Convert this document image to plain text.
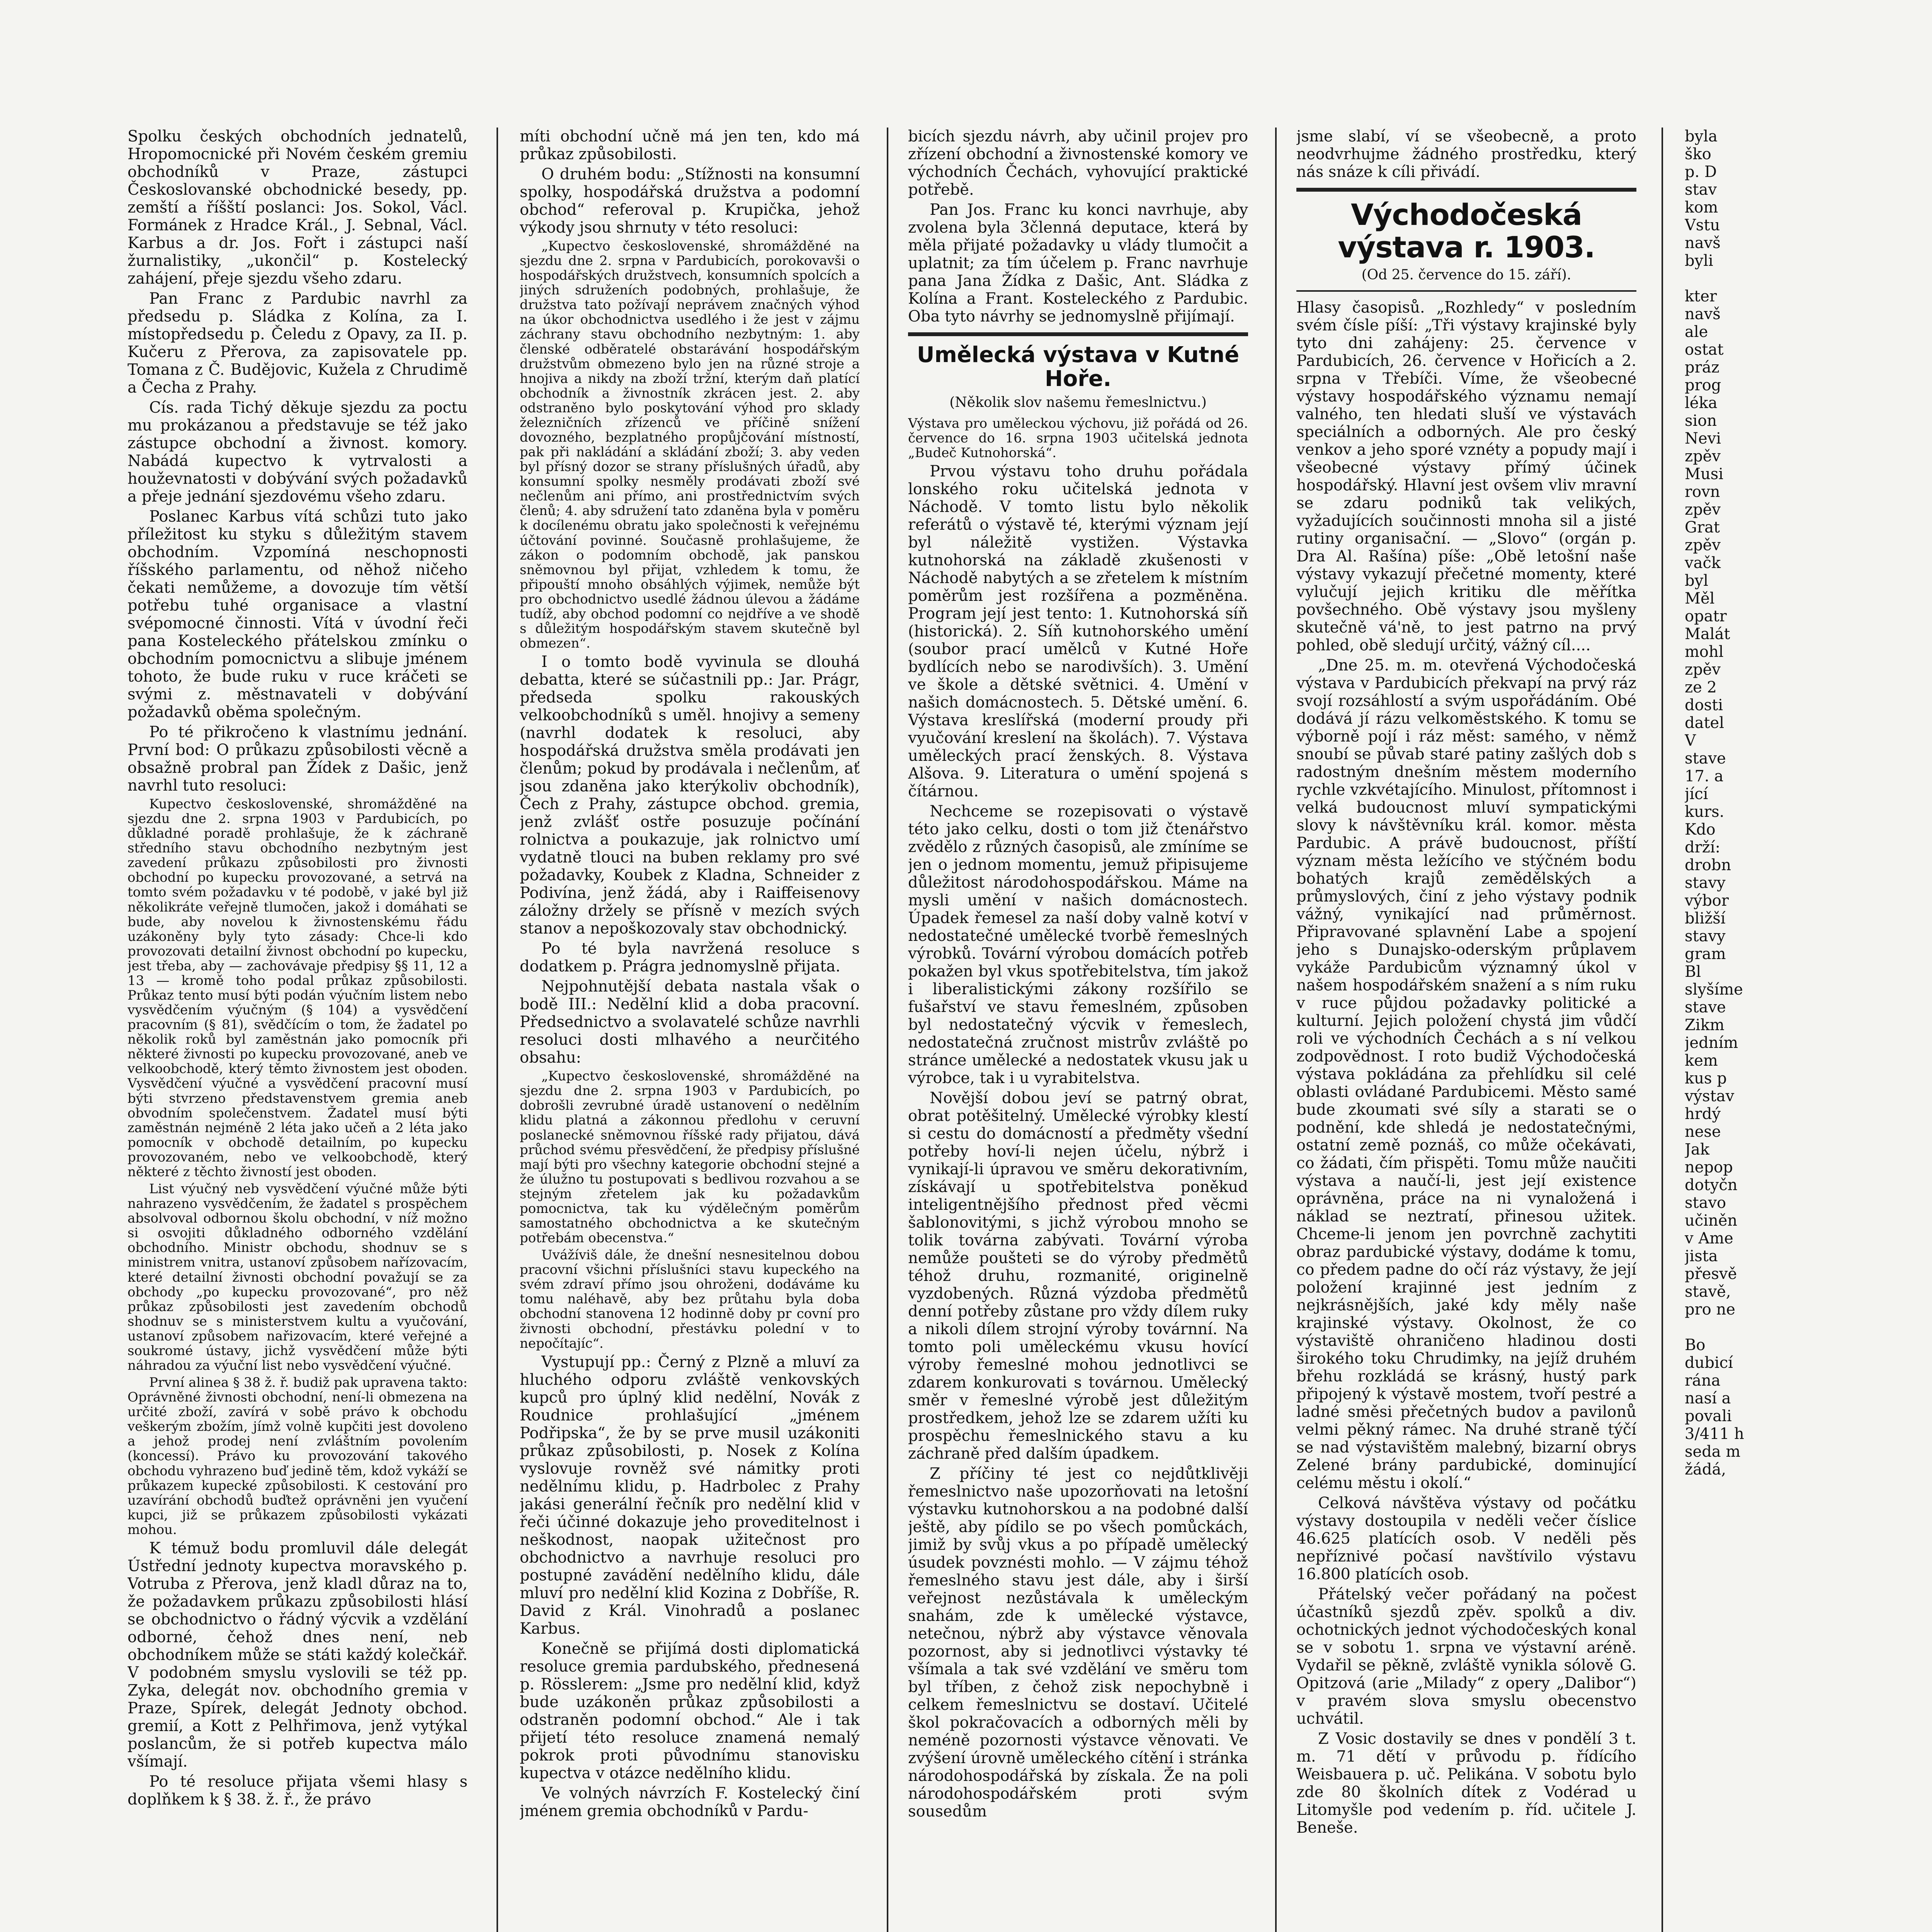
Spolku českých obchodních jednatelů, Hropomocnické při Novém českém gremiu obchodníků v Praze, zástupci Českoslovanské obchodnické besedy, pp. zemští a říšští poslanci: Jos. Sokol, Václ. Formánek z Hradce Král., J. Sebnal, Václ. Karbus a dr. Jos. Fořt i zástupci naší žurnalistiky, „ukončil“ p. Kostelecký zahájení, přeje sjezdu všeho zdaru.

Pan Franc z Pardubic navrhl za předsedu p. Sládka z Kolína, za I. místopředsedu p. Čeledu z Opavy, za II. p. Kučeru z Přerova, za zapisovatele pp. Tomana z Č. Budějovic, Kužela z Chrudimě a Čecha z Prahy.

Cís. rada Tichý děkuje sjezdu za poctu mu prokázanou a představuje se též jako zástupce obchodní a živnost. komory. Nabádá kupectvo k vytrvalosti a houževnatosti v dobývání svých požadavků a přeje jednání sjezdovému všeho zdaru.

Poslanec Karbus vítá schůzi tuto jako příležitost ku styku s důležitým stavem obchodním. Vzpomíná neschopnosti říšského parlamentu, od něhož ničeho čekati nemůžeme, a dovozuje tím větší potřebu tuhé organisace a vlastní svépomocné činnosti. Vítá v úvodní řeči pana Kosteleckého přátelskou zmínku o obchodním pomocnictvu a slibuje jménem tohoto, že bude ruku v ruce kráčeti se svými z. městnavateli v dobývání požadavků oběma společným.

Po té přikročeno k vlastnímu jednání. První bod: O průkazu způsobilosti věcně a obsažně probral pan Žídek z Dašic, jenž navrhl tuto resoluci:

Kupectvo československé, shromážděné na sjezdu dne 2. srpna 1903 v Pardubicích, po důkladné poradě prohlašuje, že k záchraně středního stavu obchodního nezbytným jest zavedení průkazu způsobilosti pro živnosti obchodní po kupecku provozované, a setrvá na tomto svém požadavku v té podobě, v jaké byl již několikráte veřejně tlumočen, jakož i domáhati se bude, aby novelou k živnostenskému řádu uzákoněny byly tyto zásady: Chce-li kdo provozovati detailní živnost obchodní po kupecku, jest třeba, aby — zachovávaje předpisy §§ 11, 12 a 13 — kromě toho podal průkaz způsobilosti. Průkaz tento musí býti podán výučním listem nebo vysvědčením výučným (§ 104) a vysvědčení pracovním (§ 81), svědčícím o tom, že žadatel po několik roků byl zaměstnán jako pomocník při některé živnosti po kupecku provozované, aneb ve velkoobchodě, který těmto živnostem jest oboden. Vysvědčení výučné a vysvědčení pracovní musí býti stvrzeno představenstvem gremia aneb obvodním společenstvem. Žadatel musí býti zaměstnán nejméně 2 léta jako učeň a 2 léta jako pomocník v obchodě detailním, po kupecku provozovaném, nebo ve velkoobchodě, který některé z těchto živností jest oboden.

List výučný neb vysvědčení výučné může býti nahrazeno vysvědčením, že žadatel s prospěchem absolvoval odbornou školu obchodní, v níž možno si osvojiti důkladného odborného vzdělání obchodního. Ministr obchodu, shodnuv se s ministrem vnitra, ustanoví způsobem nařízovacím, které detailní živnosti obchodní považují se za obchody „po kupecku provozované“, pro něž průkaz způsobilosti jest zavedením obchodů shodnuv se s ministerstvem kultu a vyučování, ustanoví způsobem nařizovacím, které veřejné a soukromé ústavy, jichž vysvědčení může býti náhradou za výuční list nebo vysvědčení výučné.

První alinea § 38 ž. ř. budiž pak upravena takto: Oprávněné živnosti obchodní, není-li obmezena na určité zboží, zavírá v sobě právo k obchodu veškerým zbožím, jímž volně kupčiti jest dovoleno a jehož prodej není zvláštním povolením (koncessí). Právo ku provozování takového obchodu vyhrazeno buď jedině těm, kdož vykáží se průkazem kupecké způsobilosti. K cestování pro uzavírání obchodů buďtež oprávněni jen vyučení kupci, již se průkazem způsobilosti vykázati mohou.

K témuž bodu promluvil dále delegát Ústřední jednoty kupectva moravského p. Votruba z Přerova, jenž kladl důraz na to, že požadavkem průkazu způsobilosti hlásí se obchodnictvo o řádný výcvik a vzdělání odborné, čehož dnes není, neb obchodníkem může se státi každý kolečkář. V podobném smyslu vyslovili se též pp. Zyka, delegát nov. obchodního gremia v Praze, Spírek, delegát Jednoty obchod. gremií, a Kott z Pelhřimova, jenž vytýkal poslancům, že si potřeb kupectva málo všímají.

Po té resoluce přijata všemi hlasy s doplňkem k § 38. ž. ř., že právo

míti obchodní učně má jen ten, kdo má průkaz způsobilosti.

O druhém bodu: „Stížnosti na konsumní spolky, hospodářská družstva a podomní obchod“ referoval p. Krupička, jehož výkody jsou shrnuty v této resoluci:

„Kupectvo československé, shromážděné na sjezdu dne 2. srpna v Pardubicích, porokovavši o hospodářských družstvech, konsumních spolcích a jiných sdruženích podobných, prohlašuje, že družstva tato požívají neprávem značných výhod na úkor obchodnictva usedlého i že jest v zájmu záchrany stavu obchodního nezbytným: 1. aby členské odběratelé obstarávání hospodářským družstvům obmezeno bylo jen na různé stroje a hnojiva a nikdy na zboží tržní, kterým daň platící obchodník a živnostník zkrácen jest. 2. aby odstraněno bylo poskytování výhod pro sklady železničních zřízenců ve příčině snížení dovozného, bezplatného propůjčování místností, pak při nakládání a skládání zboží; 3. aby veden byl přísný dozor se strany příslušných úřadů, aby konsumní spolky nesměly prodávati zboží své nečlenům ani přímo, ani prostřednictvím svých členů; 4. aby sdružení tato zdaněna byla v poměru k docílenému obratu jako společnosti k veřejnému účtování povinné. Současně prohlašujeme, že zákon o podomním obchodě, jak panskou sněmovnou byl přijat, vzhledem k tomu, že připouští mnoho obsáhlých výjimek, nemůže být pro obchodnictvo usedlé žádnou úlevou a žádáme tudíž, aby obchod podomní co nejdříve a ve shodě s důležitým hospodářským stavem skutečně byl obmezen“.

I o tomto bodě vyvinula se dlouhá debatta, které se súčastnili pp.: Jar. Prágr, předseda spolku rakouských velkoobchodníků s uměl. hnojivy a semeny (navrhl dodatek k resoluci, aby hospodářská družstva směla prodávati jen členům; pokud by prodávala i nečlenům, ať jsou zdaněna jako kterýkoliv obchodník), Čech z Prahy, zástupce obchod. gremia, jenž zvlášť ostře posuzuje počínání rolnictva a poukazuje, jak rolnictvo umí vydatně tlouci na buben reklamy pro své požadavky, Koubek z Kladna, Schneider z Podivína, jenž žádá, aby i Raiffeisenovy záložny držely se přísně v mezích svých stanov a nepoškozovaly stav obchodnický.

Po té byla navržená resoluce s dodatkem p. Prágra jednomyslně přijata.

Nejpohnutější debata nastala však o bodě III.: Nedělní klid a doba pracovní. Předsednictvo a svolavatelé schůze navrhli resoluci dosti mlhavého a neurčitého obsahu:

„Kupectvo československé, shromážděné na sjezdu dne 2. srpna 1903 v Pardubicích, po dobrošli zevrubné úradě ustanovení o nedělním klidu platná a zákonnou předlohu v ceruvní poslanecké sněmovnou říšské rady přijatou, dává průchod svému přesvědčení, že předpisy příslušné mají býti pro všechny kategorie obchodní stejné a že úlužno tu postupovati s bedlivou rozvahou a se stejným zřetelem jak ku požadavkům pomocnictva, tak ku výdělečným poměrům samostatného obchodnictva a ke skutečným potřebám obecenstva.“

Uvážíviš dále, že dnešní nesnesitelnou dobou pracovní všichni příslušníci stavu kupeckého na svém zdraví přímo jsou ohroženi, dodáváme ku tomu naléhavě, aby bez průtahu byla doba obchodní stanovena 12 hodinně doby pr covní pro živnosti obchodní, přestávku polední v to nepočítajíc“.

Vystupují pp.: Černý z Plzně a mluví za hluchého odporu zvláště venkovských kupců pro úplný klid nedělní, Novák z Roudnice prohlašující „jménem Podřipska“, že by se prve musil uzákoniti průkaz způsobilosti, p. Nosek z Kolína vyslovuje rovněž své námitky proti nedělnímu klidu, p. Hadrbolec z Prahy jakási generální řečník pro nedělní klid v řeči účinné dokazuje jeho proveditelnost i neškodnost, naopak užitečnost pro obchodnictvo a navrhuje resoluci pro postupné zavádění nedělního klidu, dále mluví pro nedělní klid Kozina z Dobříše, R. David z Král. Vinohradů a poslanec Karbus.

Konečně se přijímá dosti diplomatická resoluce gremia pardubského, přednesená p. Rösslerem: „Jsme pro nedělní klid, když bude uzákoněn průkaz způsobilosti a odstraněn podomní obchod.“ Ale i tak přijetí této resoluce znamená nemalý pokrok proti původnímu stanovisku kupectva v otázce nedělního klidu.

Ve volných návrzích F. Kostelecký činí jménem gremia obchodníků v Pardu-

bicích sjezdu návrh, aby učinil projev pro zřízení obchodní a živnostenské komory ve východních Čechách, vyhovující praktické potřebě.

Pan Jos. Franc ku konci navrhuje, aby zvolena byla 3členná deputace, která by měla přijaté požadavky u vlády tlumočit a uplatnit; za tím účelem p. Franc navrhuje pana Jana Žídka z Dašic, Ant. Sládka z Kolína a Frant. Kosteleckého z Pardubic. Oba tyto návrhy se jednomyslně přijímají.

Umělecká výstava v Kutné Hoře.

(Několik slov našemu řemeslnictvu.)

Výstava pro uměleckou výchovu, již pořádá od 26. července do 16. srpna 1903 učitelská jednota „Budeč Kutnohorská“.

Prvou výstavu toho druhu pořádala lonského roku učitelská jednota v Náchodě. V tomto listu bylo několik referátů o výstavě té, kterými význam její byl náležitě vystižen. Výstavka kutnohorská na základě zkušenosti v Náchodě nabytých a se zřetelem k místním poměrům jest rozšířena a pozměněna. Program její jest tento: 1. Kutnohorská síň (historická). 2. Síň kutnohorského umění (soubor prací umělců v Kutné Hoře bydlících nebo se narodivších). 3. Umění ve škole a dětské světnici. 4. Umění v našich domácnostech. 5. Dětské umění. 6. Výstava kreslířská (moderní proudy při vyučování kreslení na školách). 7. Výstava uměleckých prací ženských. 8. Výstava Alšova. 9. Literatura o umění spojená s čítárnou.

Nechceme se rozepisovati o výstavě této jako celku, dosti o tom již čtenářstvo zvědělo z různých časopisů, ale zmíníme se jen o jednom momentu, jemuž připisujeme důležitost národohospodářskou. Máme na mysli umění v našich domácnostech. Úpadek řemesel za naší doby valně kotví v nedostatečné umělecké tvorbě řemeslných výrobků. Tovární výrobou domácích potřeb pokažen byl vkus spotřebitelstva, tím jakož i liberalistickými zákony rozšířilo se fušařství ve stavu řemeslném, způsoben byl nedostatečný výcvik v řemeslech, nedostatečná zručnost mistrův zvláště po stránce umělecké a nedostatek vkusu jak u výrobce, tak i u vyrabitelstva.

Novější dobou jeví se patrný obrat, obrat potěšitelný. Umělecké výrobky klestí si cestu do domácností a předměty všední potřeby hoví-li nejen účelu, nýbrž i vynikají-li úpravou ve směru dekorativním, získávají u spotřebitelstva poněkud inteligentnějšího přednost před věcmi šablonovitými, s jichž výrobou mnoho se tolik továrna zabývati. Tovární výroba nemůže poušteti se do výroby předmětů téhož druhu, rozmanité, originelně vyzdobených. Různá výzdoba předmětů denní potřeby zůstane pro vždy dílem ruky a nikoli dílem strojní výroby továrnní. Na tomto poli uměleckému vkusu hovící výroby řemeslné mohou jednotlivci se zdarem konkurovati s továrnou. Umělecký směr v řemeslné výrobě jest důležitým prostředkem, jehož lze se zdarem užíti ku prospěchu řemeslnického stavu a ku záchraně před dalším úpadkem.

Z příčiny té jest co nejdůtklivěji řemeslnictvo naše upozorňovati na letošní výstavku kutnohorskou a na podobné další ještě, aby pídilo se po všech pomůckách, jimiž by svůj vkus a po případě umělecký úsudek povznésti mohlo. — V zájmu téhož řemeslného stavu jest dále, aby i širší veřejnost nezůstávala k uměleckým snahám, zde k umělecké výstavce, netečnou, nýbrž aby výstavce věnovala pozornost, aby si jednotlivci výstavky té všímala a tak své vzdělání ve směru tom byl tříben, z čehož zisk nepochybně i celkem řemeslnictvu se dostaví. Učitelé škol pokračovacích a odborných měli by neméně pozornosti výstavce věnovati. Ve zvýšení úrovně uměleckého cítění i stránka národohospodářská by získala. Že na poli národohospodářském proti svým sousedům

jsme slabí, ví se všeobecně, a proto neodvrhujme žádného prostředku, který nás snáze k cíli přivádí.

Východočeská výstava r. 1903.

(Od 25. července do 15. září).

Hlasy časopisů. „Rozhledy“ v posledním svém čísle píší: „Tři výstavy krajinské byly tyto dni zahájeny: 25. července v Pardubicích, 26. července v Hořicích a 2. srpna v Třebíči. Víme, že všeobecné výstavy hospodářského významu nemají valného, ten hledati sluší ve výstavách speciálních a odborných. Ale pro český venkov a jeho sporé vznéty a popudy mají i všeobecné výstavy přímý účinek hospodářský. Hlavní jest ovšem vliv mravní se zdaru podniků tak velikých, vyžadujících součinnosti mnoha sil a jisté rutiny organisační. — „Slovo“ (orgán p. Dra Al. Rašína) píše: „Obě letošní naše výstavy vykazují přečetné momenty, které vylučují jejich kritiku dle měřítka povšechného. Obě výstavy jsou myšleny skutečně vá'ně, to jest patrno na prvý pohled, obě sledují určitý, vážný cíl....

„Dne 25. m. m. otevřená Východočeská výstava v Pardubicích překvapí na prvý ráz svojí rozsáhlostí a svým uspořádáním. Obé dodává jí rázu velkoměstského. K tomu se výborně pojí i ráz měst: samého, v němž snoubí se půvab staré patiny zašlých dob s radostným dnešním městem moderního rychle vzkvétajícího. Minulost, přítomnost i velká budoucnost mluví sympatickými slovy k návštěvníku král. komor. města Pardubic. A právě budoucnost, příští význam města ležícího ve stýčném bodu bohatých krajů zemědělských a průmyslových, činí z jeho výstavy podnik vážný, vynikající nad průměrnost. Připravované splavnění Labe a spojení jeho s Dunajsko-oderským průplavem vykáže Pardubicům významný úkol v našem hospodářském snažení a s ním ruku v ruce půjdou požadavky politické a kulturní. Jejich položení chystá jim vůdčí roli ve východních Čechách a s ní velkou zodpovědnost. I roto budiž Východočeská výstava pokládána za přehlídku sil celé oblasti ovládané Pardubicemi. Město samé bude zkoumati své síly a starati se o podnění, kde shledá je nedostatečnými, ostatní země poznáš, co může očekávati, co žádati, čím přispěti. Tomu může naučiti výstava a naučí-li, jest její existence oprávněna, práce na ni vynaložená i náklad se neztratí, přinesou užitek. Chceme-li jenom jen povrchně zachytiti obraz pardubické výstavy, dodáme k tomu, co předem padne do očí ráz výstavy, že její položení krajinné jest jedním z nejkrásnějších, jaké kdy měly naše krajinské výstavy. Okolnost, že co výstaviště ohraničeno hladinou dosti širokého toku Chrudimky, na jejíž druhém břehu rozkládá se krásný, hustý park připojený k výstavě mostem, tvoří pestré a ladné směsi přečetných budov a pavilonů velmi pěkný rámec. Na druhé straně týčí se nad výstavištěm malebný, bizarní obrys Zelené brány pardubické, dominující celému městu i okolí.“

Celková návštěva výstavy od počátku výstavy dostoupila v neděli večer číslice 46.625 platících osob. V neděli pěs nepříznivé počasí navštívilo výstavu 16.800 platících osob.

Přátelský večer pořádaný na počest účastníků sjezdů zpěv. spolků a div. ochotnických jednot východočeských konal se v sobotu 1. srpna ve výstavní aréně. Vydařil se pěkně, zvláště vynikla sólově G. Opitzová (arie „Milady“ z opery „Dalibor“) v pravém slova smyslu obecenstvo uchvátil.

Z Vosic dostavily se dnes v pondělí 3 t. m. 71 dětí v průvodu p. řídícího Weisbauera p. uč. Pelikána. V sobotu bylo zde 80 školních dítek z Vodérad u Litomyšle pod vedením p. říd. učitele J. Beneše.

byla
ško
p. D
stav
kom
Vstu
navš
byli

kter
navš
ale
ostat
práz
prog
léka
sion
Nevi
zpěv
Musi
rovn
zpěv
Grat
zpěv
vačk
byl
Měl
opatr
Malát
mohl
zpěv
ze 2
dosti
datel
V
stave
17. a
jící
kurs.
Kdo
drží:
drobn
stavy
výbor
bližší
stavy
gram
Bl
slyšíme
stave
Zikm
jedním
kem
kus p
výstav
hrdý
nese
Jak
nepop
dotyčn
stavo
učiněn
v Ame
jista
přesvě
stavě,
pro ne

Bo
dubicí
rána
nasí a
povali
3/411 h
seda m
žádá,
